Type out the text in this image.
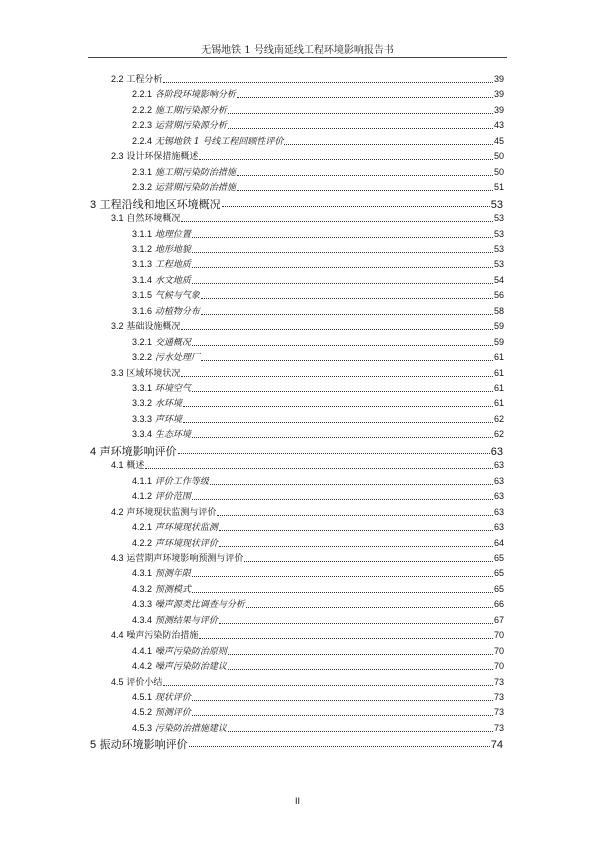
无锡地铁 1 号线南延线工程环境影响报告书
2.2 工程分析	39
2.2.1 各阶段环境影响分析	39
2.2.2 施工期污染源分析	39
2.2.3 运营期污染源分析	43
2.2.4 无锡地铁 1 号线工程回顾性评价	45
2.3 设计环保措施概述	50
2.3.1 施工期污染防治措施	50
2.3.2 运营期污染防治措施	51
3 工程沿线和地区环境概况	53
3.1 自然环境概况	53
3.1.1 地理位置	53
3.1.2 地形地貌	53
3.1.3 工程地质	53
3.1.4 水文地质	54
3.1.5 气候与气象	56
3.1.6 动植物分布	58
3.2 基础设施概况	59
3.2.1 交通概况	59
3.2.2 污水处理厂	61
3.3 区域环境状况	61
3.3.1 环境空气	61
3.3.2 水环境	61
3.3.3 声环境	62
3.3.4 生态环境	62
4 声环境影响评价	63
4.1 概述	63
4.1.1 评价工作等级	63
4.1.2 评价范围	63
4.2 声环境现状监测与评价	63
4.2.1 声环境现状监测	63
4.2.2 声环境现状评价	64
4.3 运营期声环境影响预测与评价	65
4.3.1 预测年限	65
4.3.2 预测模式	65
4.3.3 噪声源类比调查与分析	66
4.3.4 预测结果与评价	67
4.4 噪声污染防治措施	70
4.4.1 噪声污染防治原则	70
4.4.2 噪声污染防治建议	70
4.5 评价小结	73
4.5.1 现状评价	73
4.5.2 预测评价	73
4.5.3 污染防治措施建议	73
5 振动环境影响评价	74
II
